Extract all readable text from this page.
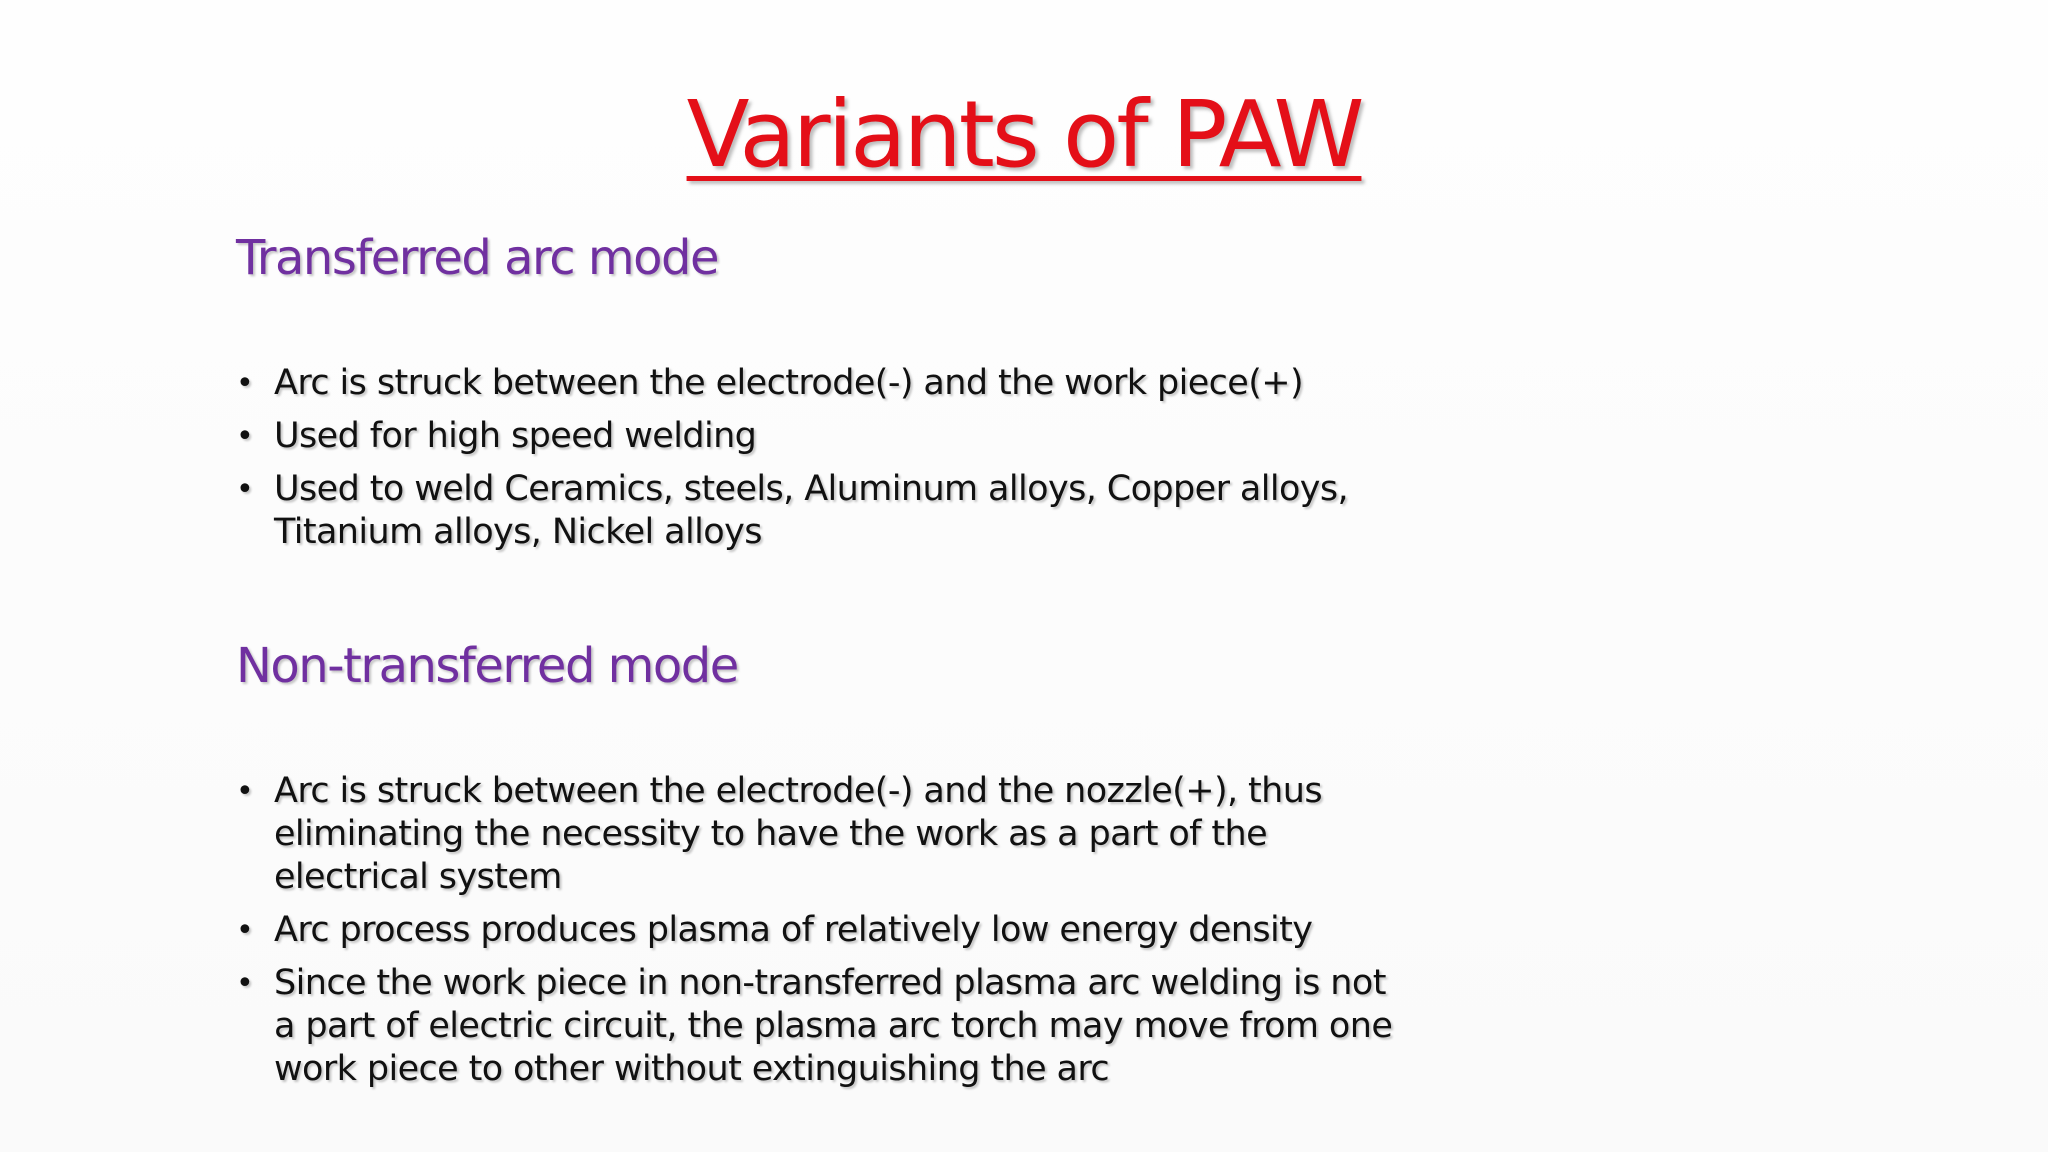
Variants of PAW
Transferred arc mode
• Arc is struck between the electrode(-) and the work piece(+)
• Used for high speed welding
• Used to weld Ceramics, steels, Aluminum alloys, Copper alloys, Titanium alloys, Nickel alloys
Non-transferred mode
• Arc is struck between the electrode(-) and the nozzle(+), thus eliminating the necessity to have the work as a part of the electrical system
• Arc process produces plasma of relatively low energy density
• Since the work piece in non-transferred plasma arc welding is not a part of electric circuit, the plasma arc torch may move from one work piece to other without extinguishing the arc
